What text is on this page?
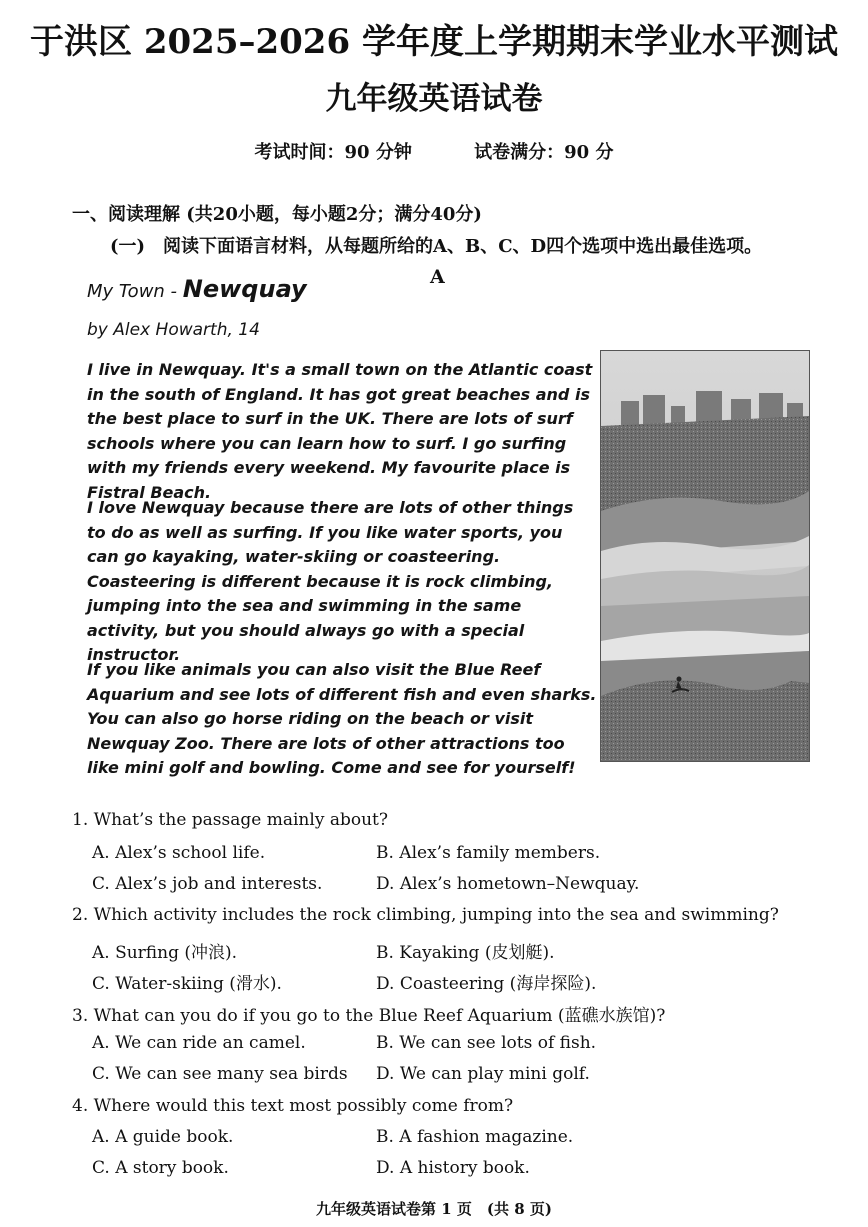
于洪区 2025–2026 学年度上学期期末学业水平测试
九年级英语试卷
考试时间：90 分钟	试卷满分：90 分
一、阅读理解 (共20小题，每小题2分；满分40分)
(一)　阅读下面语言材料，从每题所给的A、B、C、D四个选项中选出最佳选项。
A
My Town - Newquay
by Alex Howarth, 14
I live in Newquay. It's a small town on the Atlantic coast in the south of England. It has got great beaches and is the best place to surf in the UK. There are lots of surf schools where you can learn how to surf. I go surfing with my friends every weekend. My favourite place is Fistral Beach.
I love Newquay because there are lots of other things to do as well as surfing. If you like water sports, you can go kayaking, water-skiing or coasteering. Coasteering is different because it is rock climbing, jumping into the sea and swimming in the same activity, but you should always go with a special instructor.
If you like animals you can also visit the Blue Reef Aquarium and see lots of different fish and even sharks. You can also go horse riding on the beach or visit Newquay Zoo. There are lots of other attractions too like mini golf and bowling. Come and see for yourself!
1. What’s the passage mainly about?
A. Alex’s school life.	B. Alex’s family members.
C. Alex’s job and interests.	D. Alex’s hometown–Newquay.
2. Which activity includes the rock climbing, jumping into the sea and swimming?
A. Surfing (冲浪).	B. Kayaking (皮划艇).
C. Water-skiing (滑水).	D. Coasteering (海岸探险).
3. What can you do if you go to the Blue Reef Aquarium (蓝礁水族馆)?
A. We can ride an camel.	B. We can see lots of fish.
C. We can see many sea birds D. We can play mini golf.
4. Where would this text most possibly come from?
A. A guide book.	B. A fashion magazine.
C. A story book.	D. A history book.
九年级英语试卷第 1 页　(共 8 页)
